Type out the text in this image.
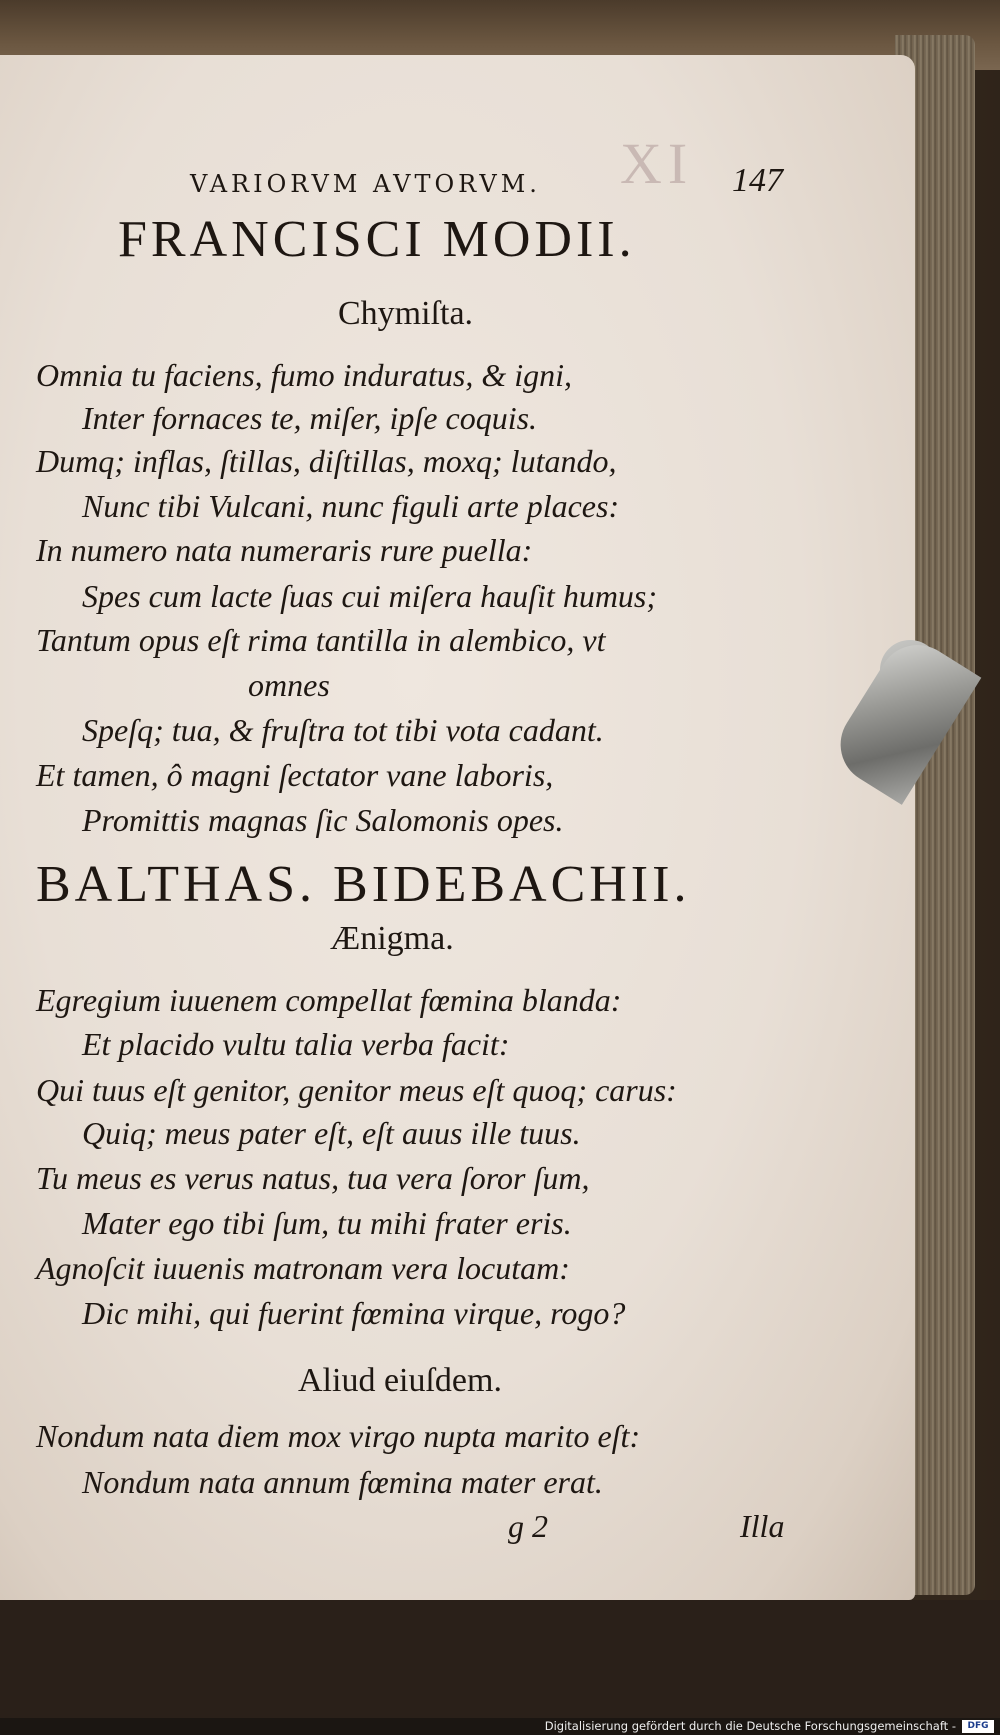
VARIORVM AVTORVM. XI 147
FRANCISCI MODII.
Chymiſta.
Omnia tu faciens, fumo induratus, & igni,
Inter fornaces te, miſer, ipſe coquis.
Dumq; inflas, ſtillas, diſtillas, moxq; lutando,
Nunc tibi Vulcani, nunc figuli arte places:
In numero nata numeraris rure puella:
Spes cum lacte ſuas cui miſera hauſit humus;
Tantum opus eſt rima tantilla in alembico, vt
omnes
Speſq; tua, & fruſtra tot tibi vota cadant.
Et tamen, ô magni ſectator vane laboris,
Promittis magnas ſic Salomonis opes.
BALTHAS. BIDEBACHII.
Ænigma.
Egregium iuuenem compellat fœmina blanda:
Et placido vultu talia verba facit:
Qui tuus eſt genitor, genitor meus eſt quoq; carus:
Quiq; meus pater eſt, eſt auus ille tuus.
Tu meus es verus natus, tua vera ſoror ſum,
Mater ego tibi ſum, tu mihi frater eris.
Agnoſcit iuuenis matronam vera locutam:
Dic mihi, qui fuerint fœmina virque, rogo?
Aliud eiuſdem.
Nondum nata diem mox virgo nupta marito eſt:
Nondum nata annum fœmina mater erat.
g 2	Illa
Digitalisierung gefördert durch die Deutsche Forschungsgemeinschaft -	DFG
